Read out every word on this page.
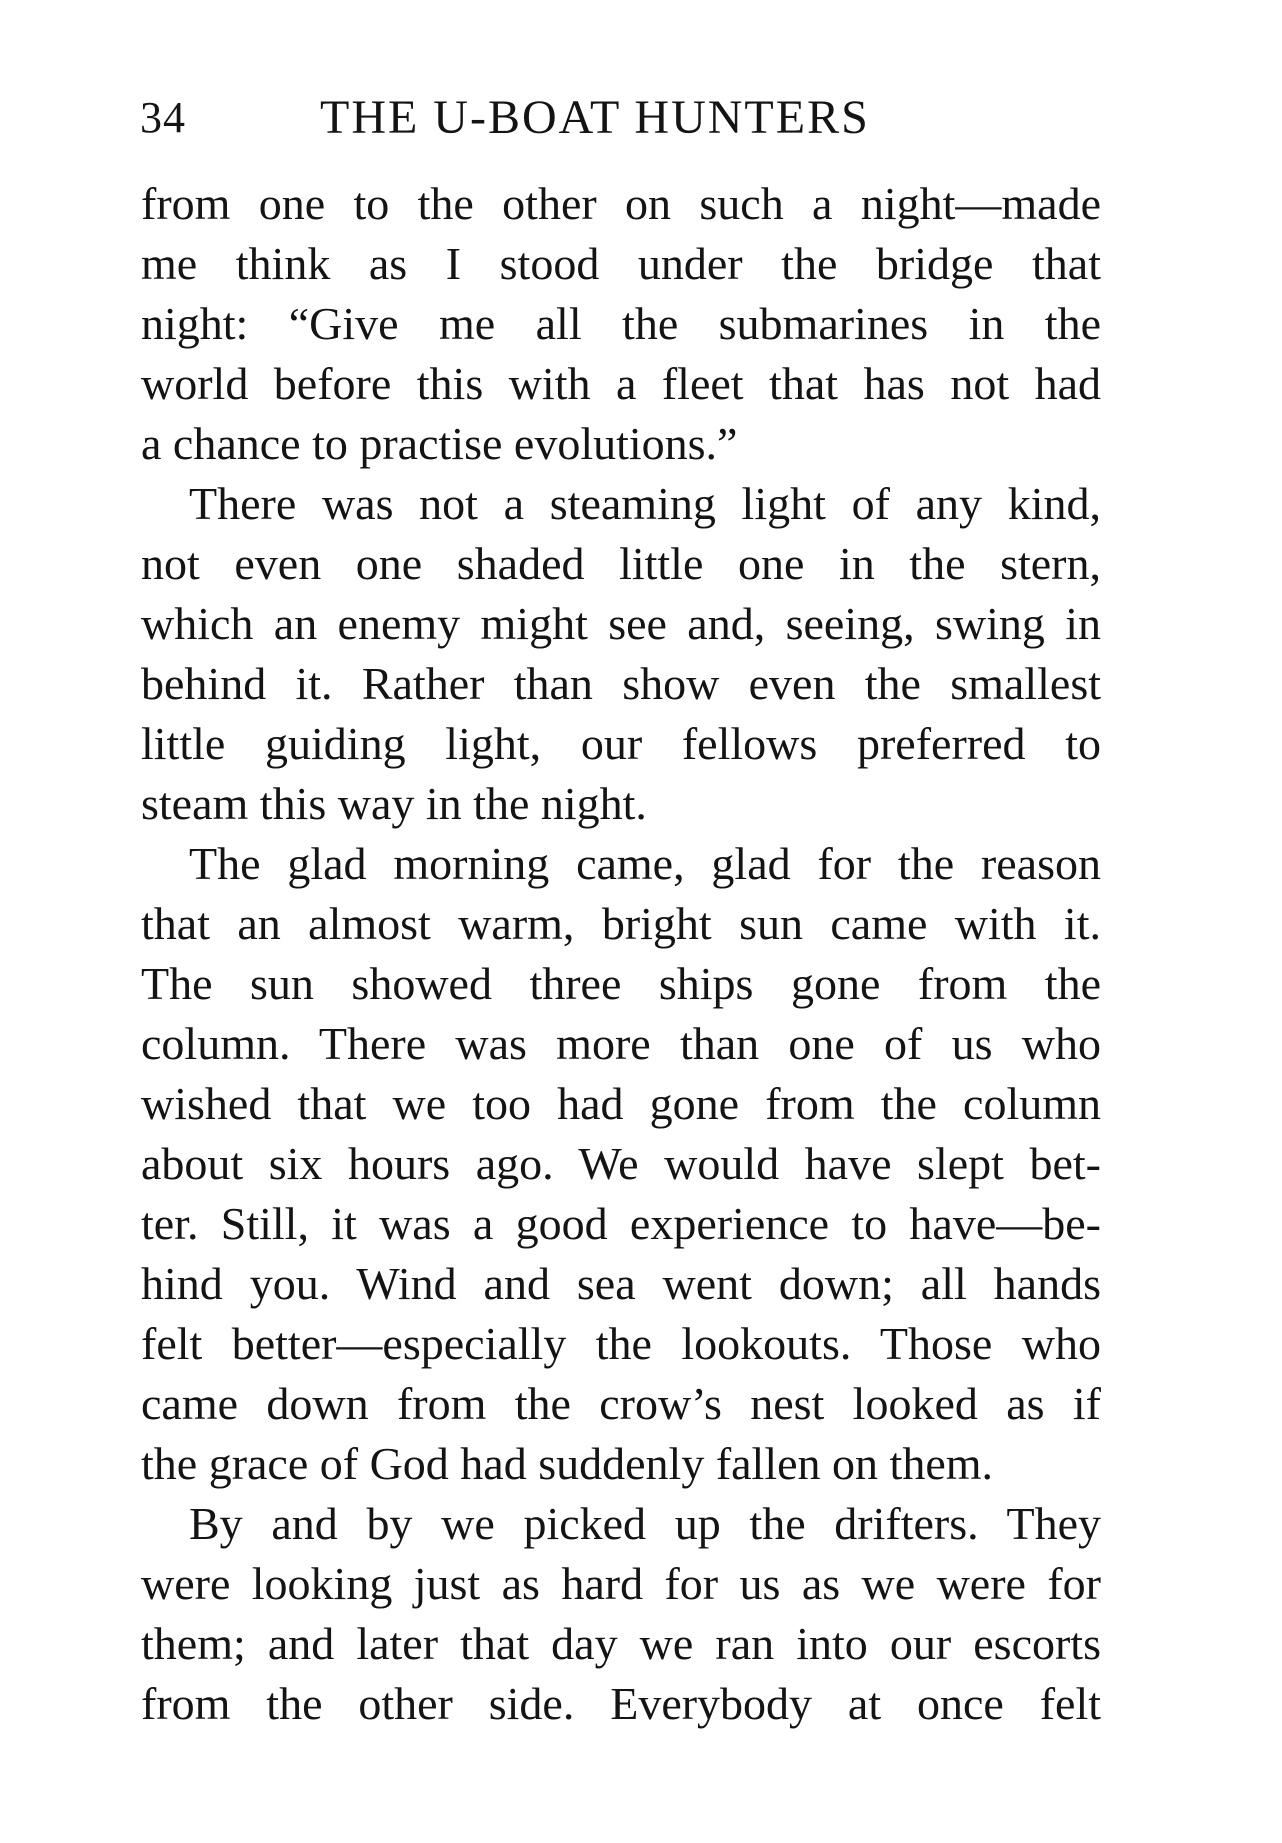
34	THE U-BOAT HUNTERS
from one to the other on such a night—made
me think as I stood under the bridge that
night: “Give me all the submarines in the
world before this with a fleet that has not had
a chance to practise evolutions.”
There was not a steaming light of any kind,
not even one shaded little one in the stern,
which an enemy might see and, seeing, swing in
behind it. Rather than show even the smallest
little guiding light, our fellows preferred to
steam this way in the night.
The glad morning came, glad for the reason
that an almost warm, bright sun came with it.
The sun showed three ships gone from the
column. There was more than one of us who
wished that we too had gone from the column
about six hours ago. We would have slept bet-
ter. Still, it was a good experience to have—be-
hind you. Wind and sea went down; all hands
felt better—especially the lookouts. Those who
came down from the crow’s nest looked as if
the grace of God had suddenly fallen on them.
By and by we picked up the drifters. They
were looking just as hard for us as we were for
them; and later that day we ran into our escorts
from the other side. Everybody at once felt
